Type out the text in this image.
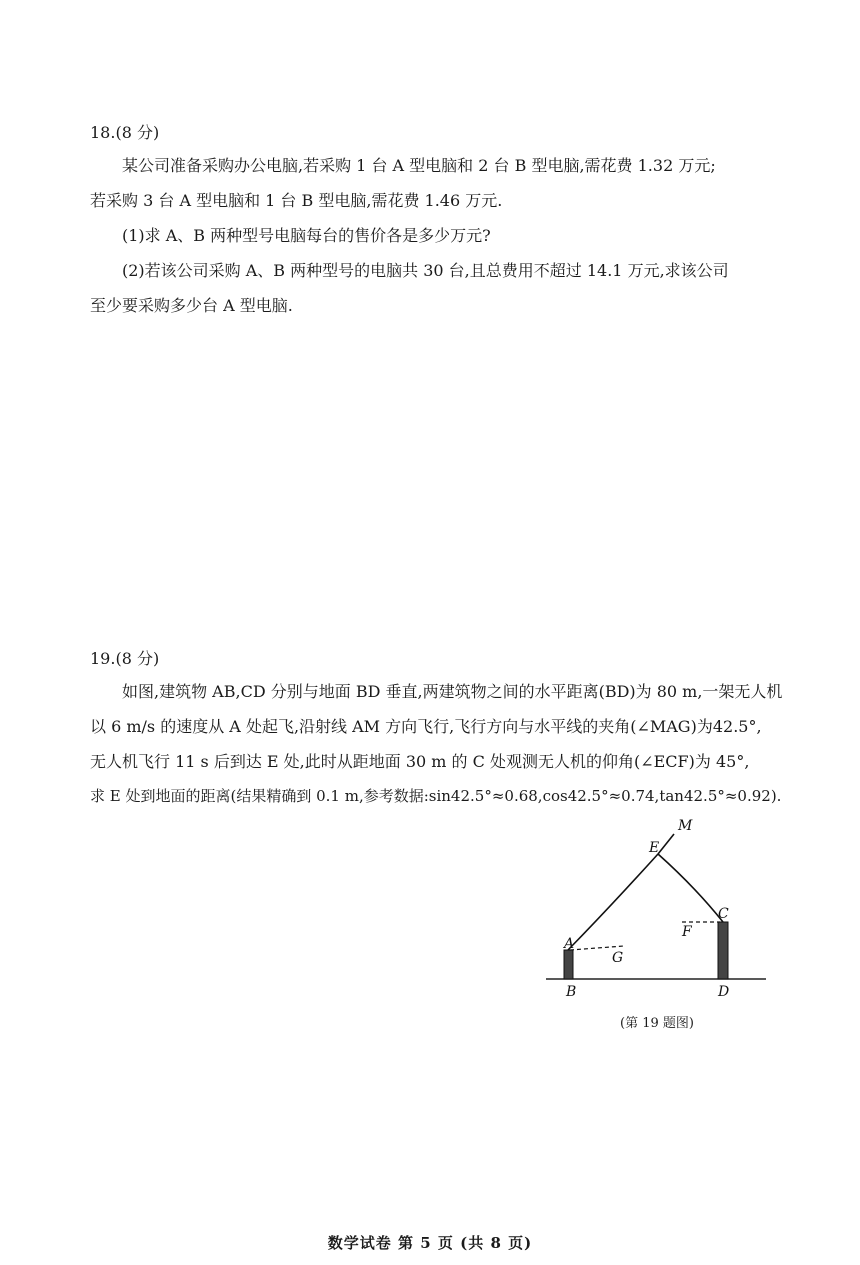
18.(8 分)

某公司准备采购办公电脑,若采购 1 台 A 型电脑和 2 台 B 型电脑,需花费 1.32 万元;

若采购 3 台 A 型电脑和 1 台 B 型电脑,需花费 1.46 万元.

(1)求 A、B 两种型号电脑每台的售价各是多少万元?

(2)若该公司采购 A、B 两种型号的电脑共 30 台,且总费用不超过 14.1 万元,求该公司

至少要采购多少台 A 型电脑.

19.(8 分)

如图,建筑物 AB,CD 分别与地面 BD 垂直,两建筑物之间的水平距离(BD)为 80 m,一架无人机

以 6 m/s 的速度从 A 处起飞,沿射线 AM 方向飞行,飞行方向与水平线的夹角(∠MAG)为42.5°,

无人机飞行 11 s 后到达 E 处,此时从距地面 30 m 的 C 处观测无人机的仰角(∠ECF)为 45°,

求 E 处到地面的距离(结果精确到 0.1 m,参考数据:sin42.5°≈0.68,cos42.5°≈0.74,tan42.5°≈0.92).

M
E
C
F
A
G
B	D
(第 19 题图)
数学试卷 第 5 页 (共 8 页)
